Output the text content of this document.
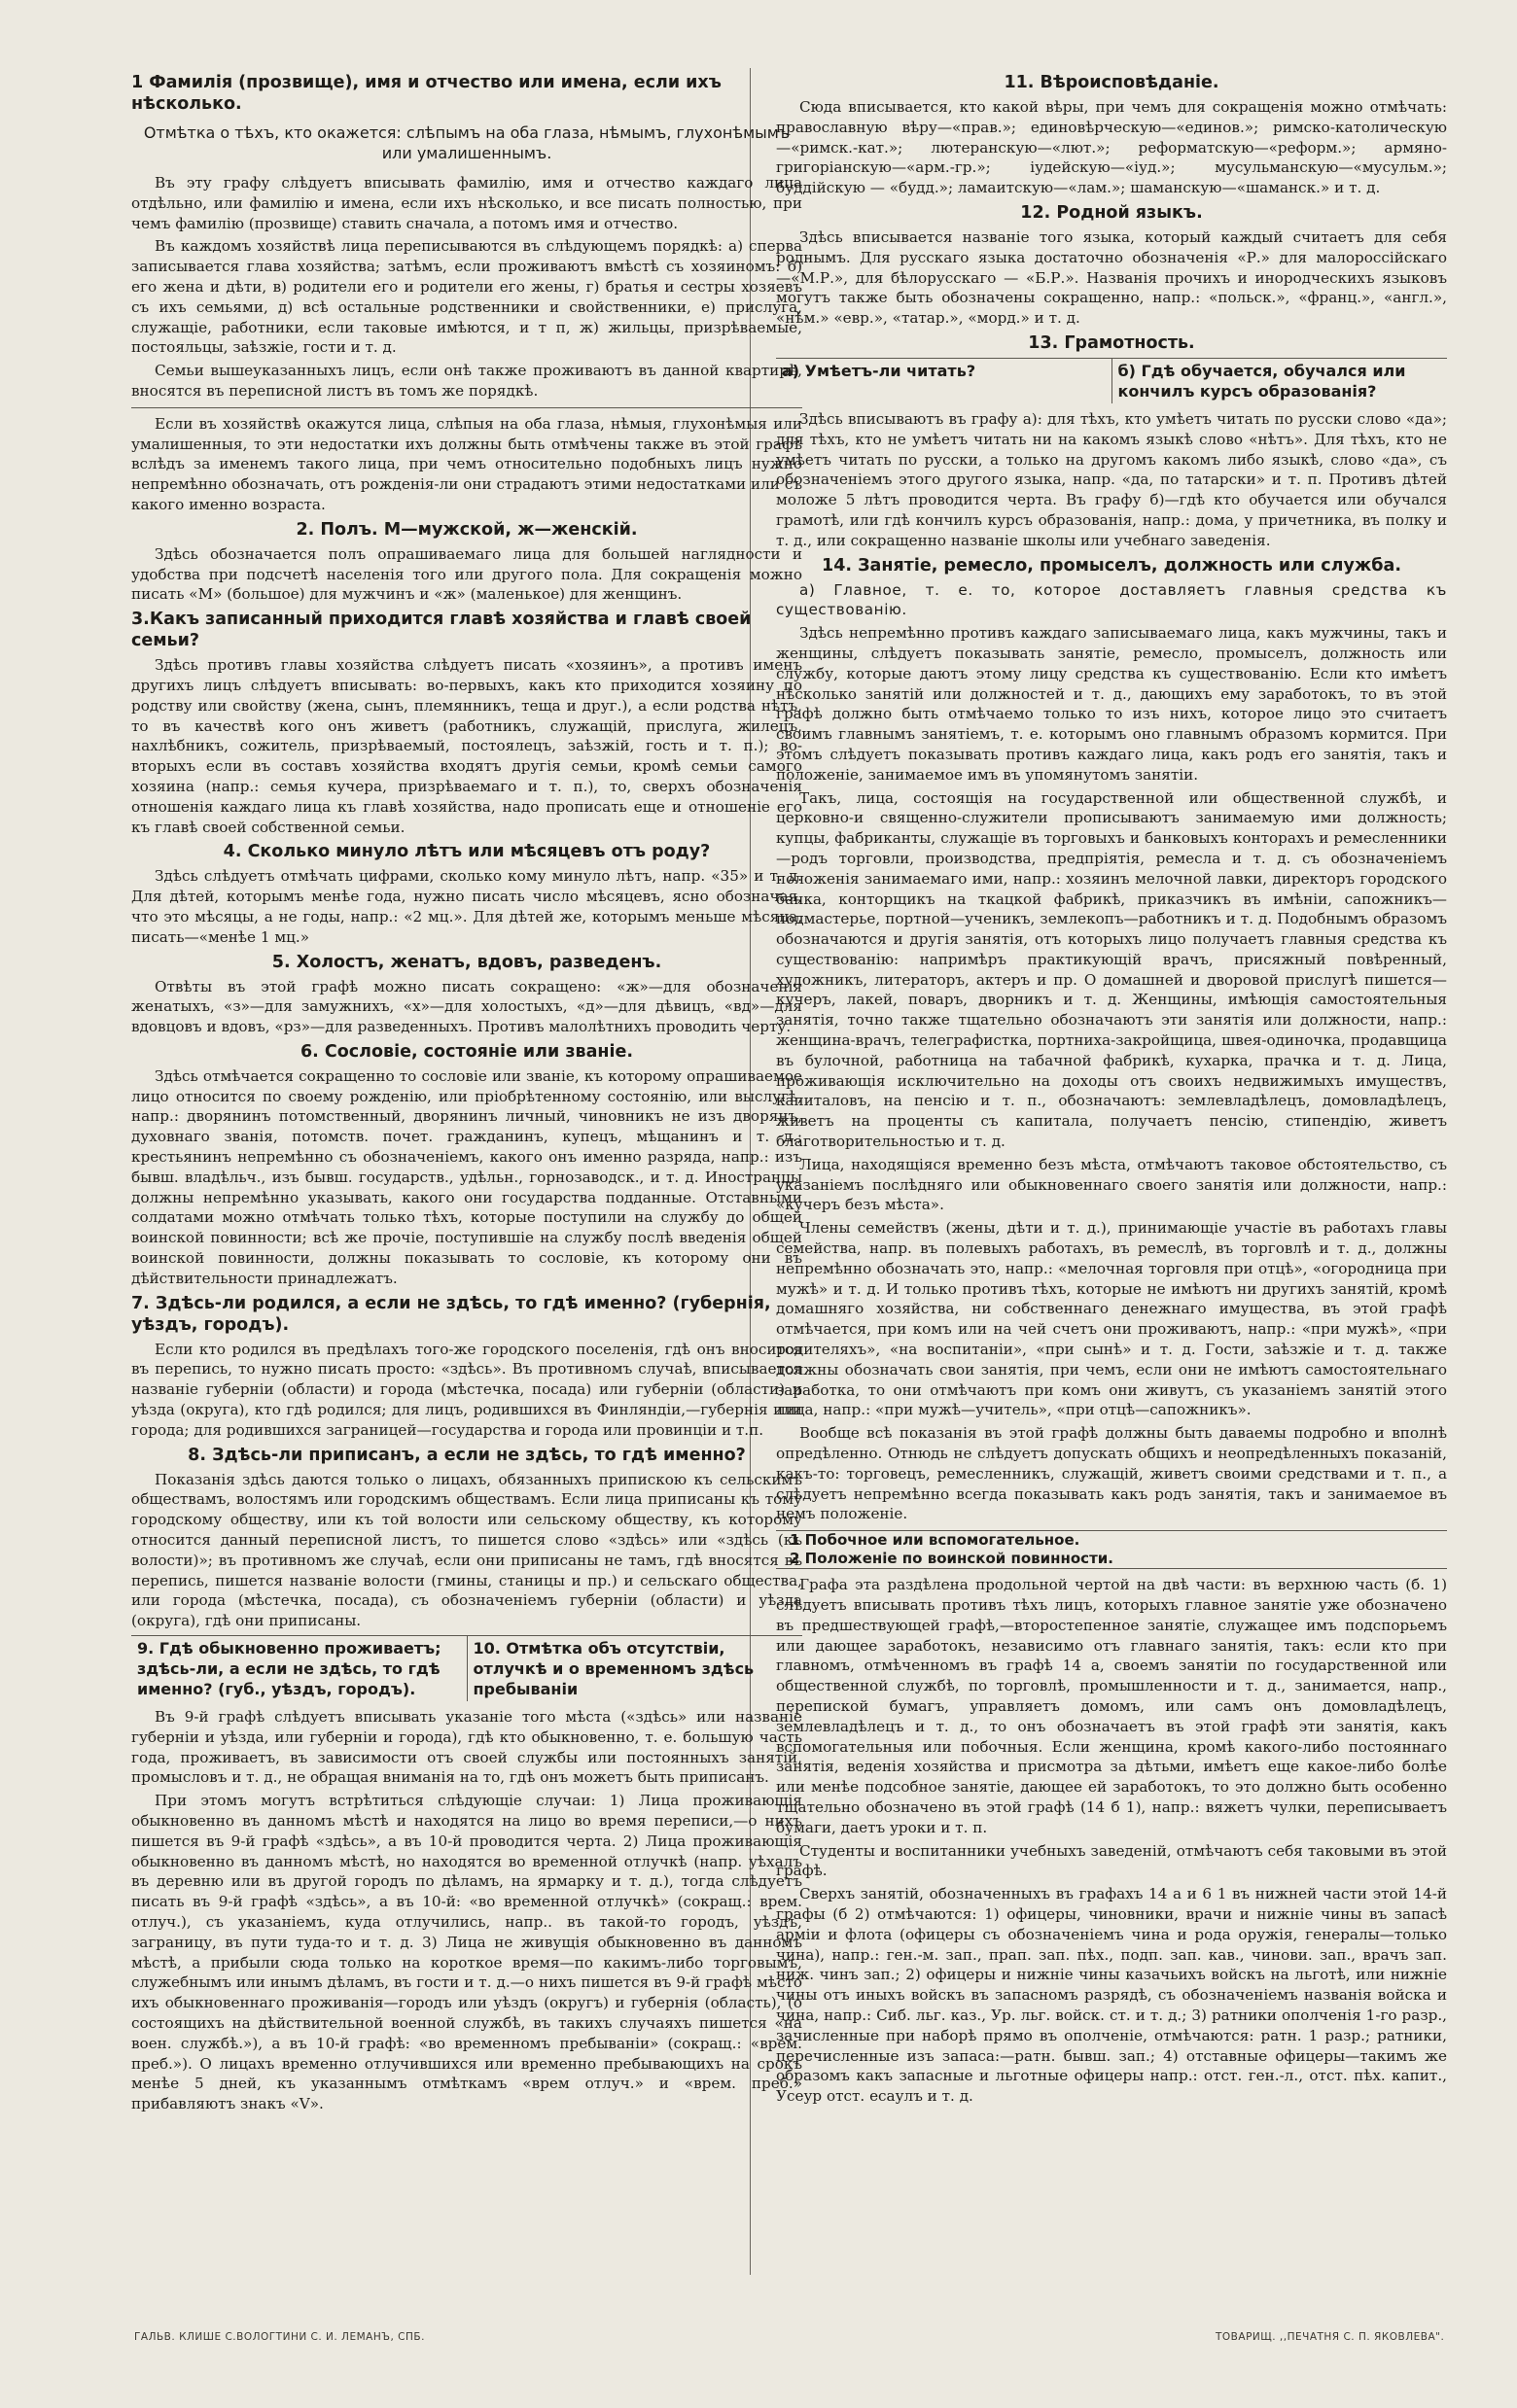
1 Фамилія (прозвище), имя и отчество или имена, если ихъ нѣсколько.
Отмѣтка о тѣхъ, кто окажется: слѣпымъ на оба глаза, нѣмымъ, глухонѣмымъ или умалишеннымъ.

Въ эту графу слѣдуетъ вписывать фамилію, имя и отчество каждаго лица отдѣльно, или фамилію и имена, если ихъ нѣсколько, и все писать полностью, при чемъ фамилію (прозвище) ставить сначала, а потомъ имя и отчество.

Въ каждомъ хозяйствѣ лица переписываются въ слѣдующемъ порядкѣ: а) сперва записывается глава хозяйства; затѣмъ, если проживаютъ вмѣстѣ съ хозяиномъ: б) его жена и дѣти, в) родители его и родители его жены, г) братья и сестры хозяевъ съ ихъ семьями, д) всѣ остальные родственники и свойственники, е) прислуга, служащіе, работники, если таковые имѣются, и т п, ж) жильцы, призрѣваемые, постояльцы, заѣзжіе, гости и т. д.

Семьи вышеуказанныхъ лицъ, если онѣ также проживаютъ въ данной квартирѣ, вносятся въ переписной листъ въ томъ же порядкѣ.

Если въ хозяйствѣ окажутся лица, слѣпыя на оба глаза, нѣмыя, глухонѣмыя или умалишенныя, то эти недостатки ихъ должны быть отмѣчены также въ этой графѣ вслѣдъ за именемъ такого лица, при чемъ относительно подобныхъ лицъ нужно непремѣнно обозначать, отъ рожденія-ли они страдаютъ этими недостатками или съ какого именно возраста.

2. Полъ. М—мужской, ж—женскій.

Здѣсь обозначается полъ опрашиваемаго лица для большей наглядности и удобства при подсчетѣ населенія того или другого пола. Для сокращенія можно писать «М» (большое) для мужчинъ и «ж» (маленькое) для женщинъ.

3.Какъ записанный приходится главѣ хозяйства и главѣ своей семьи?

Здѣсь противъ главы хозяйства слѣдуетъ писать «хозяинъ», а противъ именъ другихъ лицъ слѣдуетъ вписывать: во-первыхъ, какъ кто приходится хозяину по родству или свойству (жена, сынъ, племянникъ, теща и друг.), а если родства нѣтъ, то въ качествѣ кого онъ живетъ (работникъ, служащій, прислуга, жилецъ, нахлѣбникъ, сожитель, призрѣваемый, постоялецъ, заѣзжій, гость и т. п.); во-вторыхъ если въ составъ хозяйства входятъ другія семьи, кромѣ семьи самого хозяина (напр.: семья кучера, призрѣваемаго и т. п.), то, сверхъ обозначенія отношенія каждаго лица къ главѣ хозяйства, надо прописать еще и отношеніе его къ главѣ своей собственной семьи.

4. Сколько минуло лѣтъ или мѣсяцевъ отъ роду?

Здѣсь слѣдуетъ отмѣчать цифрами, сколько кому минуло лѣтъ, напр. «35» и т. д. Для дѣтей, которымъ менѣе года, нужно писать число мѣсяцевъ, ясно обозначая, что это мѣсяцы, а не годы, напр.: «2 мц.». Для дѣтей же, которымъ меньше мѣсяца, писать—«менѣе 1 мц.»

5. Холостъ, женатъ, вдовъ, разведенъ.

Отвѣты въ этой графѣ можно писать сокращено: «ж»—для обозначенія женатыхъ, «з»—для замужнихъ, «х»—для холостыхъ, «д»—для дѣвицъ, «вд»—для вдовцовъ и вдовъ, «рз»—для разведенныхъ. Противъ малолѣтнихъ проводить черту.

6. Сословіе, состояніе или званіе.

Здѣсь отмѣчается сокращенно то сословіе или званіе, къ которому опрашиваемое лицо относится по своему рожденію, или пріобрѣтенному состоянію, или выслугѣ, напр.: дворянинъ потомственный, дворянинъ личный, чиновникъ не изъ дворянъ, духовнаго званія, потомств. почет. гражданинъ, купецъ, мѣщанинъ и т. д.; крестьянинъ непремѣнно съ обозначеніемъ, какого онъ именно разряда, напр.: изъ бывш. владѣльч., изъ бывш. государств., удѣльн., горнозаводск., и т. д. Иностранцы должны непремѣнно указывать, какого они государства подданные. Отставными солдатами можно отмѣчать только тѣхъ, которые поступили на службу до общей воинской повинности; всѣ же прочіе, поступившіе на службу послѣ введенія общей воинской повинности, должны показывать то сословіе, къ которому они въ дѣйствительности принадлежатъ.

7. Здѣсь-ли родился, а если не здѣсь, то гдѣ именно? (губернія, уѣздъ, городъ).

Если кто родился въ предѣлахъ того-же городского поселенія, гдѣ онъ вносится въ перепись, то нужно писать просто: «здѣсь». Въ противномъ случаѣ, вписывается названіе губерніи (области) и города (мѣстечка, посада) или губерніи (области) и уѣзда (округа), кто гдѣ родился; для лицъ, родившихся въ Финляндіи,—губернія или города; для родившихся заграницей—государства и города или провинціи и т.п.

8. Здѣсь-ли приписанъ, а если не здѣсь, то гдѣ именно?

Показанія здѣсь даются только о лицахъ, обязанныхъ припискою къ сельскимъ обществамъ, волостямъ или городскимъ обществамъ. Если лица приписаны къ тому городскому обществу, или къ той волости или сельскому обществу, къ которому относится данный переписной листъ, то пишется слово «здѣсь» или «здѣсь (къ волости)»; въ противномъ же случаѣ, если они приписаны не тамъ, гдѣ вносятся въ перепись, пишется названіе волости (гмины, станицы и пр.) и сельскаго общества, или города (мѣстечка, посада), съ обозначеніемъ губерніи (области) и уѣзда (округа), гдѣ они приписаны.

9. Гдѣ обыкновенно проживаетъ; здѣсь-ли, а если не здѣсь, то гдѣ именно? (губ., уѣздъ, городъ).
10. Отмѣтка объ отсутствіи, отлучкѣ и о временномъ здѣсь пребываніи

Въ 9-й графѣ слѣдуетъ вписывать указаніе того мѣста («здѣсь» или названіе губерніи и уѣзда, или губерніи и города), гдѣ кто обыкновенно, т. е. большую часть года, проживаетъ, въ зависимости отъ своей службы или постоянныхъ занятій, промысловъ и т. д., не обращая вниманія на то, гдѣ онъ можетъ быть приписанъ.

При этомъ могутъ встрѣтиться слѣдующіе случаи: 1) Лица проживающія обыкновенно въ данномъ мѣстѣ и находятся на лицо во время переписи,—о нихъ пишется въ 9-й графѣ «здѣсь», а въ 10-й проводится черта. 2) Лица проживающія обыкновенно въ данномъ мѣстѣ, но находятся во временной отлучкѣ (напр. уѣхалъ въ деревню или въ другой городъ по дѣламъ, на ярмарку и т. д.), тогда слѣдуетъ писать въ 9-й графѣ «здѣсь», а въ 10-й: «во временной отлучкѣ» (сокращ.: врем. отлуч.), съ указаніемъ, куда отлучились, напр.. въ такой-то городъ, уѣздъ, заграницу, въ пути туда-то и т. д. 3) Лица не живущія обыкновенно въ данномъ мѣстѣ, а прибыли сюда только на короткое время—по какимъ-либо торговымъ, служебнымъ или инымъ дѣламъ, въ гости и т. д.—о нихъ пишется въ 9-й графѣ мѣсто ихъ обыкновеннаго проживанія—городъ или уѣздъ (округъ) и губернія (область), (о состоящихъ на дѣйствительной военной службѣ, въ такихъ случаяхъ пишется «на воен. службѣ.»), а въ 10-й графѣ: «во временномъ пребываніи» (сокращ.: «врем. преб.»). О лицахъ временно отлучившихся или временно пребывающихъ на срокъ менѣе 5 дней, къ указаннымъ отмѣткамъ «врем отлуч.» и «врем. преб.» прибавляютъ знакъ «V».

11. Вѣроисповѣданіе.

Сюда вписывается, кто какой вѣры, при чемъ для сокращенія можно отмѣчать: православную вѣру—«прав.»; единовѣрческую—«единов.»; римско-католическую—«римск.-кат.»; лютеранскую—«лют.»; реформатскую—«реформ.»; армяно-григоріанскую—«арм.-гр.»; іудейскую—«іуд.»; мусульманскую—«мусульм.»; буддійскую — «будд.»; ламаитскую—«лам.»; шаманскую—«шаманск.» и т. д.

12. Родной языкъ.

Здѣсь вписывается названіе того языка, который каждый считаетъ для себя роднымъ. Для русскаго языка достаточно обозначенія «Р.» для малороссійскаго—«М.Р.», для бѣлорусскаго — «Б.Р.». Названія прочихъ и инородческихъ языковъ могутъ также быть обозначены сокращенно, напр.: «польск.», «франц.», «англ.», «нѣм.» «евр.», «татар.», «морд.» и т. д.

13. Грамотность.
а) Умѣетъ-ли читать?	б) Гдѣ обучается, обучался или кончилъ курсъ образованія?

Здѣсь вписываютъ въ графу а): для тѣхъ, кто умѣетъ читать по русски слово «да»; для тѣхъ, кто не умѣетъ читать ни на какомъ языкѣ слово «нѣтъ». Для тѣхъ, кто не умѣетъ читать по русски, а только на другомъ какомъ либо языкѣ, слово «да», съ обозначеніемъ этого другого языка, напр. «да, по татарски» и т. п. Противъ дѣтей моложе 5 лѣтъ проводится черта. Въ графу б)—гдѣ кто обучается или обучался грамотѣ, или гдѣ кончилъ курсъ образованія, напр.: дома, у причетника, въ полку и т. д., или сокращенно названіе школы или учебнаго заведенія.

14. Занятіе, ремесло, промыселъ, должность или служба.

а) Главное, т. е. то, которое доставляетъ главныя средства къ существованію.

Здѣсь непремѣнно противъ каждаго записываемаго лица, какъ мужчины, такъ и женщины, слѣдуетъ показывать занятіе, ремесло, промыселъ, должность или службу, которые даютъ этому лицу средства къ существованію. Если кто имѣетъ нѣсколько занятій или должностей и т. д., дающихъ ему заработокъ, то въ этой графѣ должно быть отмѣчаемо только то изъ нихъ, которое лицо это считаетъ своимъ главнымъ занятіемъ, т. е. которымъ оно главнымъ образомъ кормится. При этомъ слѣдуетъ показывать противъ каждаго лица, какъ родъ его занятія, такъ и положеніе, занимаемое имъ въ упомянутомъ занятіи.

Такъ, лица, состоящія на государственной или общественной службѣ, и церковно-и священно-служители прописываютъ занимаемую ими должность; купцы, фабриканты, служащіе въ торговыхъ и банковыхъ конторахъ и ремесленники—родъ торговли, производства, предпріятія, ремесла и т. д. съ обозначеніемъ положенія занимаемаго ими, напр.: хозяинъ мелочной лавки, директоръ городского банка, конторщикъ на ткацкой фабрикѣ, приказчикъ въ имѣніи, сапожникъ—подмастерье, портной—ученикъ, землекопъ—работникъ и т. д. Подобнымъ образомъ обозначаются и другія занятія, отъ которыхъ лицо получаетъ главныя средства къ существованію: напримѣръ практикующій врачъ, присяжный повѣренный, художникъ, литераторъ, актеръ и пр. О домашней и дворовой прислугѣ пишется—кучеръ, лакей, поваръ, дворникъ и т. д. Женщины, имѣющія самостоятельныя занятія, точно также тщательно обозначаютъ эти занятія или должности, напр.: женщина-врачъ, телеграфистка, портниха-закройщица, швея-одиночка, продавщица въ булочной, работница на табачной фабрикѣ, кухарка, прачка и т. д. Лица, проживающія исключительно на доходы отъ своихъ недвижимыхъ имуществъ, капиталовъ, на пенсію и т. п., обозначаютъ: землевладѣлецъ, домовладѣлецъ, живетъ на проценты съ капитала, получаетъ пенсію, стипендію, живетъ благотворительностью и т. д.

Лица, находящіяся временно безъ мѣста, отмѣчаютъ таковое обстоятельство, съ указаніемъ послѣдняго или обыкновеннаго своего занятія или должности, напр.: «кучеръ безъ мѣста».

Члены семействъ (жены, дѣти и т. д.), принимающіе участіе въ работахъ главы семейства, напр. въ полевыхъ работахъ, въ ремеслѣ, въ торговлѣ и т. д., должны непремѣнно обозначать это, напр.: «мелочная торговля при отцѣ», «огородница при мужѣ» и т. д. И только противъ тѣхъ, которые не имѣютъ ни другихъ занятій, кромѣ домашняго хозяйства, ни собственнаго денежнаго имущества, въ этой графѣ отмѣчается, при комъ или на чей счетъ они проживаютъ, напр.: «при мужѣ», «при родителяхъ», «на воспитаніи», «при сынѣ» и т. д. Гости, заѣзжіе и т. д. также должны обозначать свои занятія, при чемъ, если они не имѣютъ самостоятельнаго заработка, то они отмѣчаютъ при комъ они живутъ, съ указаніемъ занятій этого лица, напр.: «при мужѣ—учитель», «при отцѣ—сапожникъ».

Вообще всѣ показанія въ этой графѣ должны быть даваемы подробно и вполнѣ опредѣленно. Отнюдь не слѣдуетъ допускать общихъ и неопредѣленныхъ показаній, какъ-то: торговецъ, ремесленникъ, служащій, живетъ своими средствами и т. п., а слѣдуетъ непремѣнно всегда показывать какъ родъ занятія, такъ и занимаемое въ немъ положеніе.

1 Побочное или вспомогательное.
2 Положеніе по воинской повинности.

Графа эта раздѣлена продольной чертой на двѣ части: въ верхнюю часть (б. 1) слѣдуетъ вписывать противъ тѣхъ лицъ, которыхъ главное занятіе уже обозначено въ предшествующей графѣ,—второстепенное занятіе, служащее имъ подспорьемъ или дающее заработокъ, независимо отъ главнаго занятія, такъ: если кто при главномъ, отмѣченномъ въ графѣ 14 а, своемъ занятіи по государственной или общественной службѣ, по торговлѣ, промышленности и т. д., занимается, напр., перепиской бумагъ, управляетъ домомъ, или самъ онъ домовладѣлецъ, землевладѣлецъ и т. д., то онъ обозначаетъ въ этой графѣ эти занятія, какъ вспомогательныя или побочныя. Если женщина, кромѣ какого-либо постояннаго занятія, веденія хозяйства и присмотра за дѣтьми, имѣетъ еще какое-либо болѣе или менѣе подсобное занятіе, дающее ей заработокъ, то это должно быть особенно тщательно обозначено въ этой графѣ (14 б 1), напр.: вяжетъ чулки, переписываетъ бумаги, даетъ уроки и т. п.

Студенты и воспитанники учебныхъ заведеній, отмѣчаютъ себя таковыми въ этой графѣ.

Сверхъ занятій, обозначенныхъ въ графахъ 14 а и 6 1 въ нижней части этой 14-й графы (б 2) отмѣчаются: 1) офицеры, чиновники, врачи и нижніе чины въ запасѣ арміи и флота (офицеры съ обозначеніемъ чина и рода оружія, генералы—только чина), напр.: ген.-м. зап., прап. зап. пѣх., подп. зап. кав., чинови. зап., врачъ зап. ниж. чинъ зап.; 2) офицеры и нижніе чины казачьихъ войскъ на льготѣ, или нижніе чины отъ иныхъ войскъ въ запасномъ разрядѣ, съ обозначеніемъ названія войска и чина, напр.: Сиб. льг. каз., Ур. льг. войск. ст. и т. д.; 3) ратники ополченія 1-го разр., зачисленные при наборѣ прямо въ ополченіе, отмѣчаются: ратн. 1 разр.; ратники, перечисленные изъ запаса:—ратн. бывш. зап.; 4) отставные офицеры—такимъ же образомъ какъ запасные и льготные офицеры напр.: отст. ген.-л., отст. пѣх. капит., Усеур отст. есаулъ и т. д.

ГАЛЬВ. КЛИШЕ С.ВОЛОГТИНИ С. И. ЛЕМАНЪ, СПБ.	ТОВАРИЩ. ,,ПЕЧАТНЯ С. П. ЯКОВЛЕВА".
